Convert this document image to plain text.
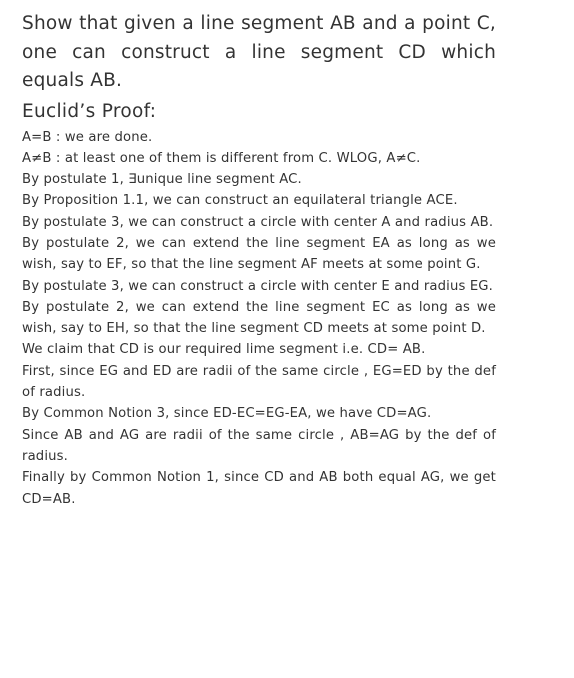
Show that given a line segment AB and a point C, one can construct a line segment CD which equals AB.

Euclid’s Proof:

A=B : we are done.

A≠B : at least one of them is different from C. WLOG, A≠C.

By postulate 1, ∃unique line segment AC.

By Proposition 1.1, we can construct an equilateral triangle ACE.

By postulate 3, we can construct a circle with center A and radius AB.

By postulate 2, we can extend the line segment EA as long as we wish, say to EF, so that the line segment AF meets at some point G.

By postulate 3, we can construct a circle with center E and radius EG.

By postulate 2, we can extend the line segment EC as long as we wish, say to EH, so that the line segment CD meets at some point D.

We claim that CD is our required lime segment i.e. CD= AB.

First, since EG and ED are radii of the same circle , EG=ED by the def of radius.

By Common Notion 3, since ED-EC=EG-EA, we have CD=AG.

Since AB and AG are radii of the same circle , AB=AG by the def of radius.

Finally by Common Notion 1, since CD and AB both equal AG, we get CD=AB.
